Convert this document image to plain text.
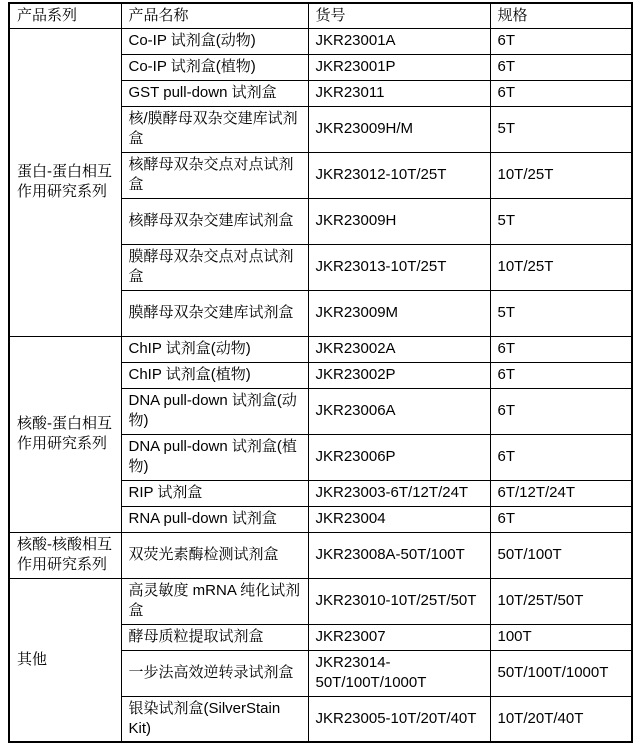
产品系列	产品名称	货号	规格
蛋白-蛋白相互作用研究系列	Co-IP 试剂盒(动物)	JKR23001A	6T
	Co-IP 试剂盒(植物)	JKR23001P	6T
	GST pull-down 试剂盒	JKR23011	6T
	核/膜酵母双杂交建库试剂盒	JKR23009H/M	5T
	核酵母双杂交点对点试剂盒	JKR23012-10T/25T	10T/25T
	核酵母双杂交建库试剂盒	JKR23009H	5T
	膜酵母双杂交点对点试剂盒	JKR23013-10T/25T	10T/25T
	膜酵母双杂交建库试剂盒	JKR23009M	5T
核酸-蛋白相互作用研究系列	ChIP 试剂盒(动物)	JKR23002A	6T
	ChIP 试剂盒(植物)	JKR23002P	6T
	DNA pull-down 试剂盒(动物)	JKR23006A	6T
	DNA pull-down 试剂盒(植物)	JKR23006P	6T
	RIP 试剂盒	JKR23003-6T/12T/24T	6T/12T/24T
	RNA pull-down 试剂盒	JKR23004	6T
核酸-核酸相互作用研究系列	双荧光素酶检测试剂盒	JKR23008A-50T/100T	50T/100T
其他	高灵敏度 mRNA 纯化试剂盒	JKR23010-10T/25T/50T	10T/25T/50T
	酵母质粒提取试剂盒	JKR23007	100T
	一步法高效逆转录试剂盒	JKR23014-50T/100T/1000T	50T/100T/1000T
	银染试剂盒(SilverStain Kit)	JKR23005-10T/20T/40T	10T/20T/40T
